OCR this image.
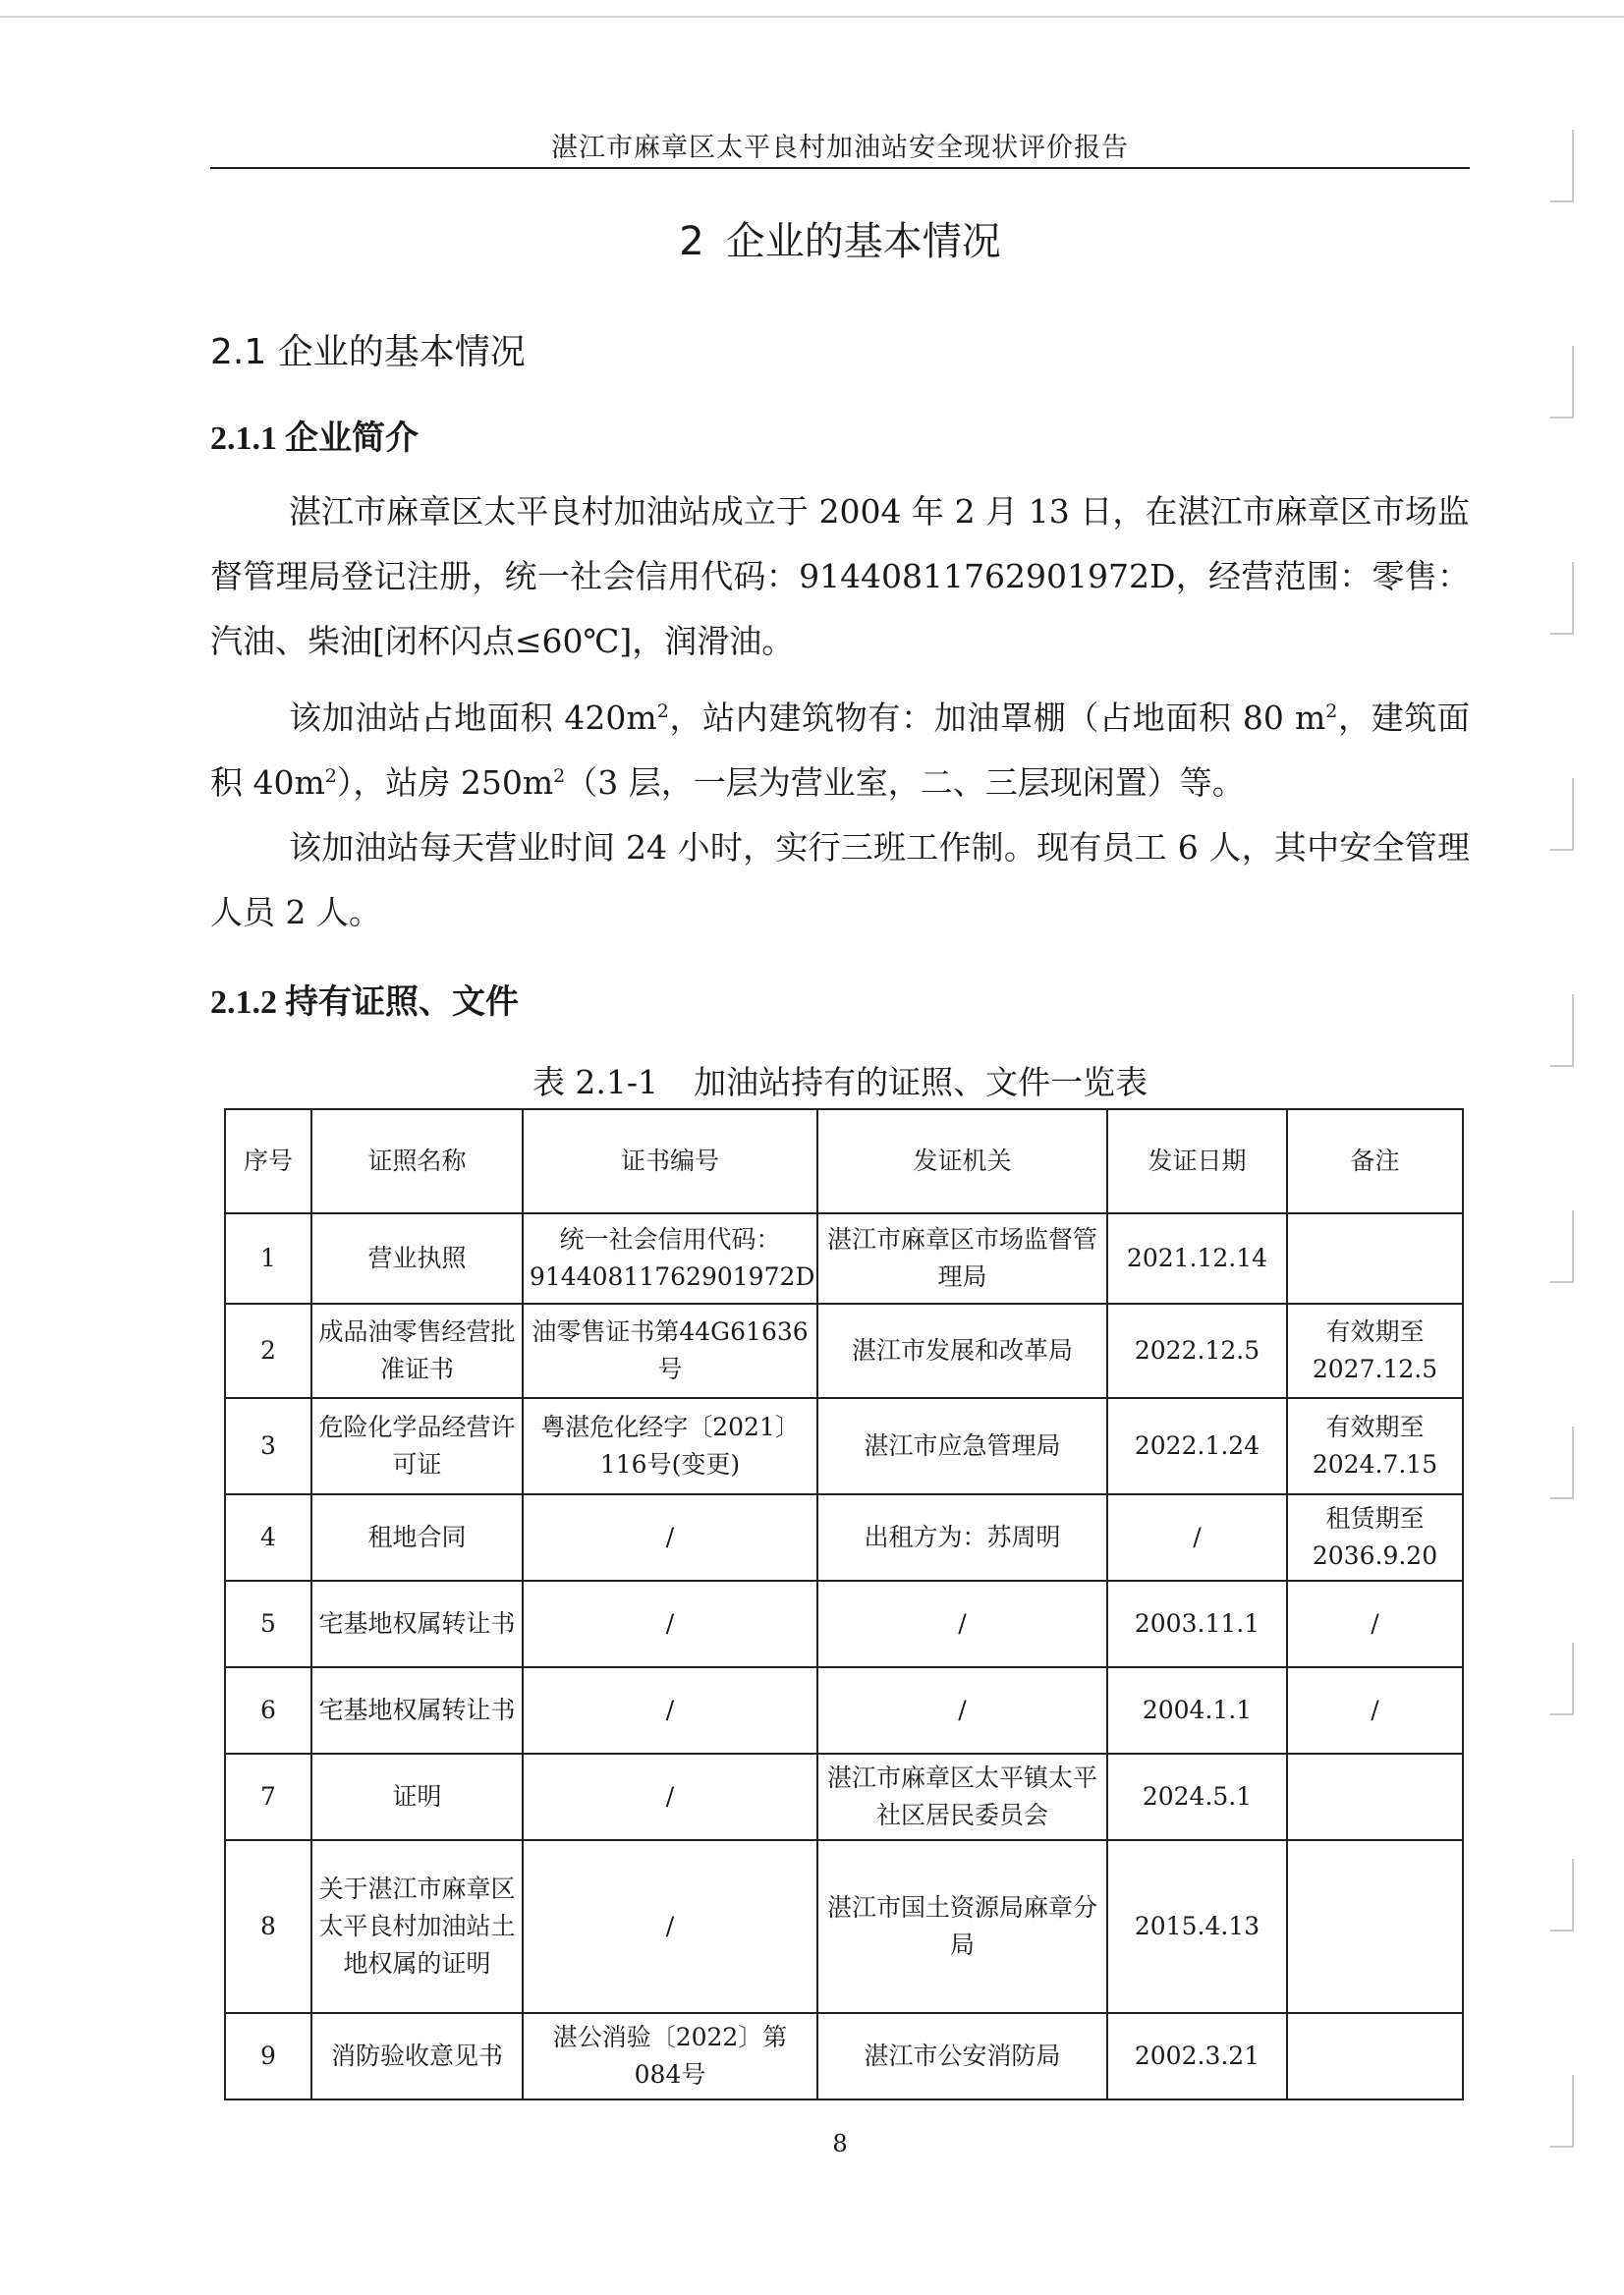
湛江市麻章区太平良村加油站安全现状评价报告
2 企业的基本情况
2.1 企业的基本情况
2.1.1 企业简介

湛江市麻章区太平良村加油站成立于 2004 年 2 月 13 日，在湛江市麻章区市场监督管理局登记注册，统一社会信用代码：91440811762901972D，经营范围：零售：汽油、柴油[闭杯闪点≤60℃]，润滑油。

该加油站占地面积 $420m^2$，站内建筑物有：加油罩棚（占地面积 80 $m^2$，建筑面积 $40m^2$），站房 $250m^2(3$ 层，一层为营业室，二、三层现闲置）等。

该加油站每天营业时间 24 小时，实行三班工作制。现有员工 6 人，其中安全管理人员 2 人。

2.1.2 持有证照、文件
表 2.1-1 加油站持有的证照、文件一览表
序号	证照名称	证书编号	发证机关	发证日期	备注
1	营业执照	统一社会信用代码：91440811762901972D	湛江市麻章区市场监督管理局	2021.12.14	
2	成品油零售经营批准证书	油零售证书第44G61636号	湛江市发展和改革局	2022.12.5	有效期至2027.12.5
3	危险化学品经营许可证	粤湛危化经字〔2021〕116号(变更)	湛江市应急管理局	2022.1.24	有效期至2024.7.15
4	租地合同	/	出租方为：苏周明	/	租赁期至2036.9.20
5	宅基地权属转让书	/	/	2003.11.1	/
6	宅基地权属转让书	/	/	2004.1.1	/
7	证明	/	湛江市麻章区太平镇太平社区居民委员会	2024.5.1	
8	关于湛江市麻章区太平良村加油站土地权属的证明	/	湛江市国土资源局麻章分局	2015.4.13	
9	消防验收意见书	湛公消验〔2022〕第084号	湛江市公安消防局	2002.3.21	
8
